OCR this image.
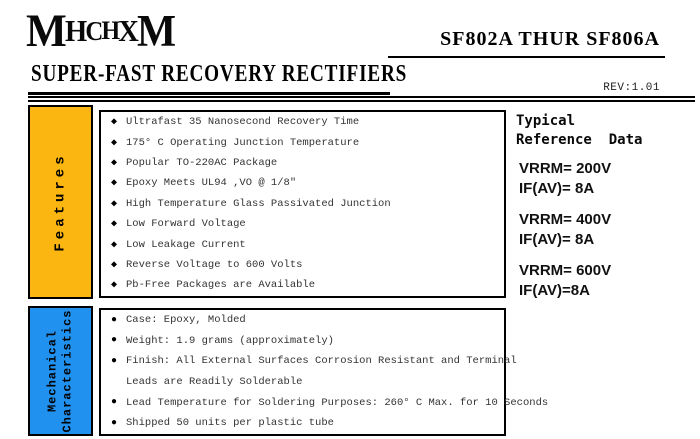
M H C H X M	SF802A THUR SF806A
SUPER-FAST RECOVERY RECTIFIERS
REV:1.01
Features
◆ Ultrafast 35 Nanosecond Recovery Time
◆ 175° C Operating Junction Temperature
◆ Popular TO-220AC Package
◆ Epoxy Meets UL94 ,VO @ 1/8″
◆ High Temperature Glass Passivated Junction
◆ Low Forward Voltage
◆ Low Leakage Current
◆ Reverse Voltage to 600 Volts
◆ Pb-Free Packages are Available
Typical
Reference  Data
VRRM= 200V
IF(AV)= 8A
VRRM= 400V
IF(AV)= 8A
VRRM= 600V
IF(AV)=8A
Mechanical Characteristics	● Case: Epoxy, Molded
● Weight: 1.9 grams (approximately)
● Finish: All External Surfaces Corrosion Resistant and Terminal
Leads are Readily Solderable
● Lead Temperature for Soldering Purposes: 260° C Max. for 10 Seconds
● Shipped 50 units per plastic tube
